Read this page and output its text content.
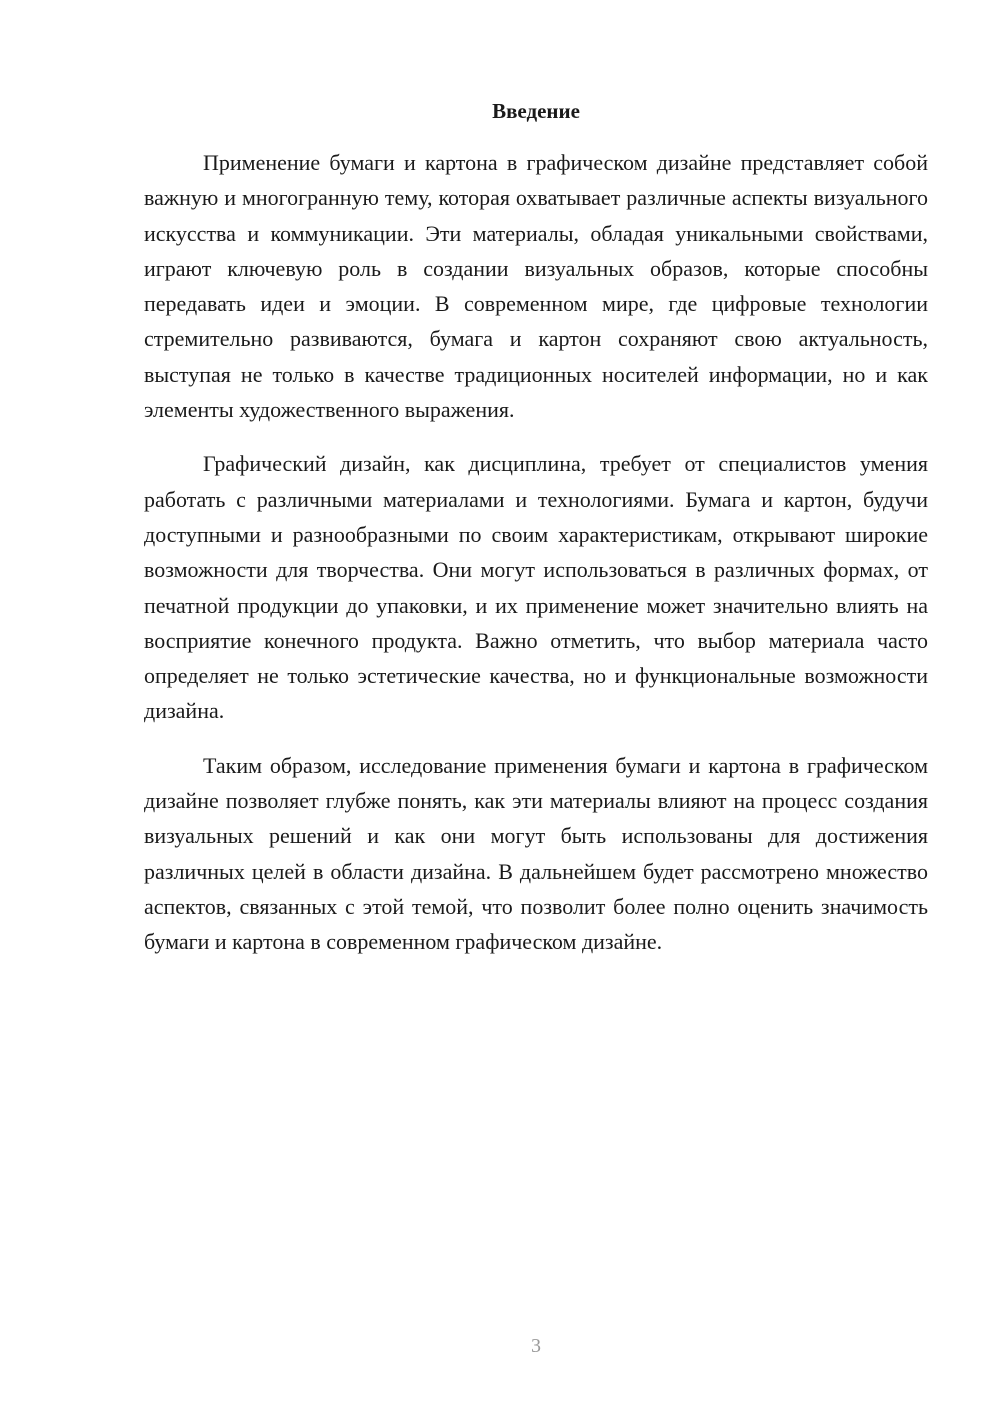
Введение

Применение бумаги и картона в графическом дизайне представляет собой важную и многогранную тему, которая охватывает различные аспекты визуального искусства и коммуникации. Эти материалы, обладая уникальными свойствами, играют ключевую роль в создании визуальных образов, которые способны передавать идеи и эмоции. В современном мире, где цифровые технологии стремительно развиваются, бумага и картон сохраняют свою актуальность, выступая не только в качестве традиционных носителей информации, но и как элементы художественного выражения.

Графический дизайн, как дисциплина, требует от специалистов умения работать с различными материалами и технологиями. Бумага и картон, будучи доступными и разнообразными по своим характеристикам, открывают широкие возможности для творчества. Они могут использоваться в различных формах, от печатной продукции до упаковки, и их применение может значительно влиять на восприятие конечного продукта. Важно отметить, что выбор материала часто определяет не только эстетические качества, но и функциональные возможности дизайна.

Таким образом, исследование применения бумаги и картона в графическом дизайне позволяет глубже понять, как эти материалы влияют на процесс создания визуальных решений и как они могут быть использованы для достижения различных целей в области дизайна. В дальнейшем будет рассмотрено множество аспектов, связанных с этой темой, что позволит более полно оценить значимость бумаги и картона в современном графическом дизайне.

3
